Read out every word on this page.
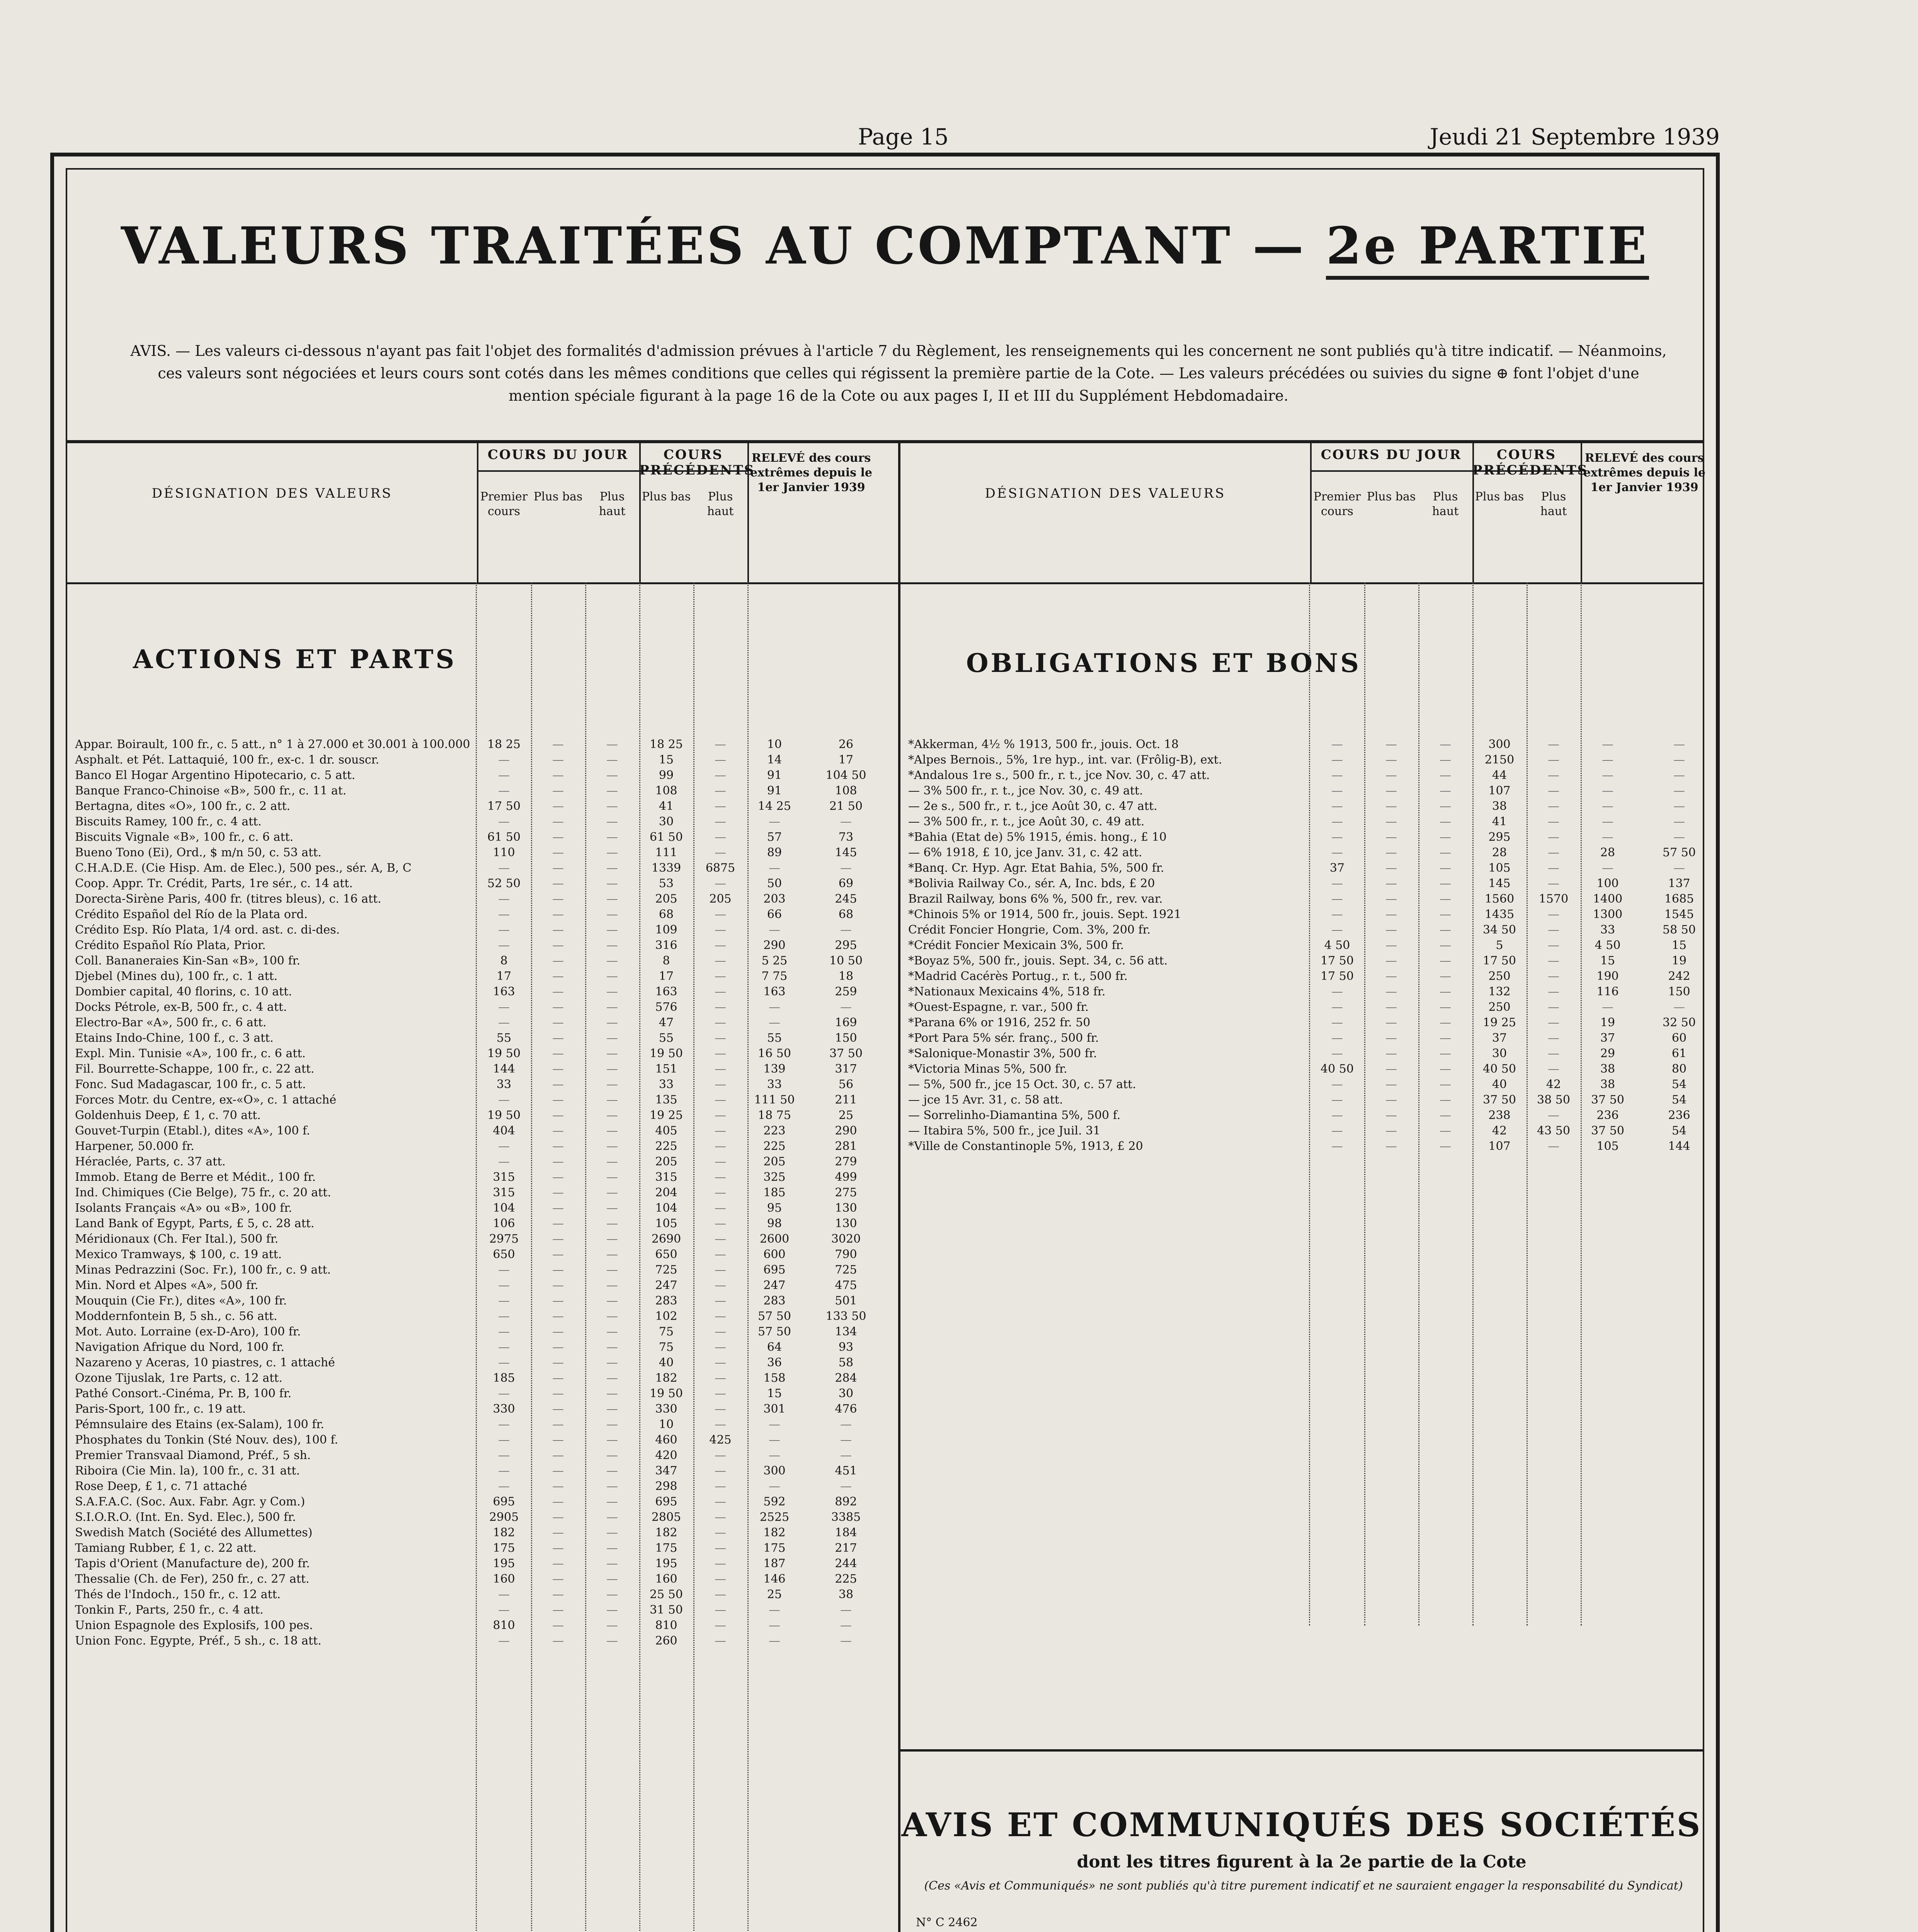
Page 15	Jeudi 21 Septembre 1939
VALEURS TRAITÉES AU COMPTANT — 2e PARTIE
AVIS. — Les valeurs ci-dessous n'ayant pas fait l'objet des formalités d'admission prévues à l'article 7 du Règlement, les renseignements qui les concernent ne sont publiés qu'à titre indicatif. — Néanmoins, ces valeurs sont négociées et leurs cours sont cotés dans les mêmes conditions que celles qui régissent la première partie de la Cote. — Les valeurs précédées ou suivies du signe ⊕ font l'objet d'une mention spéciale figurant à la page 16 de la Cote ou aux pages I, II et III du Supplément Hebdomadaire.
DÉSIGNATION DES VALEURS
COURS DU JOUR
Premier cours
Plus bas	Plus haut
COURS PRÉCÉDENTS
Plus bas	Plus haut
RELEVÉ des cours extrêmes depuis le 1er Janvier 1939
ACTIONS ET PARTS
Appar. Boirault, 100 fr., c. 5 att., n° 1 à 27.000 et 30.001 à 100.000	18 25	—	—	18 25	—	10	26
Asphalt. et Pét. Lattaquié, 100 fr., ex-c. 1 dr. souscr.	—	—	—	15	—	14	17
Banco El Hogar Argentino Hipotecario, c. 5 att.	—	—	—	99	—	91	104 50
Banque Franco-Chinoise «B», 500 fr., c. 11 at.	—	—	—	108	—	91	108
Bertagna, dites «O», 100 fr., c. 2 att.	17 50	—	—	41	—	14 25	21 50
Biscuits Ramey, 100 fr., c. 4 att.	—	—	—	30	—	—	—
Biscuits Vignale «B», 100 fr., c. 6 att.	61 50	—	—	61 50	—	57	73
Bueno Tono (Ei), Ord., $ m/n 50, c. 53 att.	110	—	—	111	—	89	145
C.H.A.D.E. (Cie Hisp. Am. de Elec.), 500 pes., sér. A, B, C	—	—	—	1339	6875	—	—
Coop. Appr. Tr. Crédit, Parts, 1re sér., c. 14 att.	52 50	—	—	53	—	50	69
Dorecta-Sirène Paris, 400 fr. (titres bleus), c. 16 att.	—	—	—	205	205	203	245
Crédito Español del Río de la Plata ord.	—	—	—	68	—	66	68
Crédito Esp. Río Plata, 1/4 ord. ast. c. di-des.	—	—	—	109	—	—	—
Crédito Español Río Plata, Prior.	—	—	—	316	—	290	295
Coll. Bananeraies Kin-San «B», 100 fr.	8	—	—	8	—	5 25	10 50
Djebel (Mines du), 100 fr., c. 1 att.	17	—	—	17	—	7 75	18
Dombier capital, 40 florins, c. 10 att.	163	—	—	163	—	163	259
Docks Pétrole, ex-B, 500 fr., c. 4 att.	—	—	—	576	—	—	—
Electro-Bar «A», 500 fr., c. 6 att.	—	—	—	47	—	—	169
Etains Indo-Chine, 100 f., c. 3 att.	55	—	—	55	—	55	150
Expl. Min. Tunisie «A», 100 fr., c. 6 att.	19 50	—	—	19 50	—	16 50	37 50
Fil. Bourrette-Schappe, 100 fr., c. 22 att.	144	—	—	151	—	139	317
Fonc. Sud Madagascar, 100 fr., c. 5 att.	33	—	—	33	—	33	56
Forces Motr. du Centre, ex-«O», c. 1 attaché	—	—	—	135	—	111 50	211
Goldenhuis Deep, £ 1, c. 70 att.	19 50	—	—	19 25	—	18 75	25
Gouvet-Turpin (Etabl.), dites «A», 100 f.	404	—	—	405	—	223	290
Harpener, 50.000 fr.	—	—	—	225	—	225	281
Héraclée, Parts, c. 37 att.	—	—	—	205	—	205	279
Immob. Etang de Berre et Médit., 100 fr.	315	—	—	315	—	325	499
Ind. Chimiques (Cie Belge), 75 fr., c. 20 att.	315	—	—	204	—	185	275
Isolants Français «A» ou «B», 100 fr.	104	—	—	104	—	95	130
Land Bank of Egypt, Parts, £ 5, c. 28 att.	106	—	—	105	—	98	130
Méridionaux (Ch. Fer Ital.), 500 fr.	2975	—	—	2690	—	2600	3020
Mexico Tramways, $ 100, c. 19 att.	650	—	—	650	—	600	790
Minas Pedrazzini (Soc. Fr.), 100 fr., c. 9 att.	—	—	—	725	—	695	725
Min. Nord et Alpes «A», 500 fr.	—	—	—	247	—	247	475
Mouquin (Cie Fr.), dites «A», 100 fr.	—	—	—	283	—	283	501
Moddernfontein B, 5 sh., c. 56 att.	—	—	—	102	—	57 50	133 50
Mot. Auto. Lorraine (ex-D-Aro), 100 fr.	—	—	—	75	—	57 50	134
Navigation Afrique du Nord, 100 fr.	—	—	—	75	—	64	93
Nazareno y Aceras, 10 piastres, c. 1 attaché	—	—	—	40	—	36	58
Ozone Tijuslak, 1re Parts, c. 12 att.	185	—	—	182	—	158	284
Pathé Consort.-Cinéma, Pr. B, 100 fr.	—	—	—	19 50	—	15	30
Paris-Sport, 100 fr., c. 19 att.	330	—	—	330	—	301	476
Pémnsulaire des Etains (ex-Salam), 100 fr.	—	—	—	10	—	—	—
Phosphates du Tonkin (Sté Nouv. des), 100 f.	—	—	—	460	425	—	—
Premier Transvaal Diamond, Préf., 5 sh.	—	—	—	420	—	—	—
Riboira (Cie Min. la), 100 fr., c. 31 att.	—	—	—	347	—	300	451
Rose Deep, £ 1, c. 71 attaché	—	—	—	298	—	—	—
S.A.F.A.C. (Soc. Aux. Fabr. Agr. y Com.)	695	—	—	695	—	592	892
S.I.O.R.O. (Int. En. Syd. Elec.), 500 fr.	2905	—	—	2805	—	2525	3385
Swedish Match (Société des Allumettes)	182	—	—	182	—	182	184
Tamiang Rubber, £ 1, c. 22 att.	175	—	—	175	—	175	217
Tapis d'Orient (Manufacture de), 200 fr.	195	—	—	195	—	187	244
Thessalie (Ch. de Fer), 250 fr., c. 27 att.	160	—	—	160	—	146	225
Thés de l'Indoch., 150 fr., c. 12 att.	—	—	—	25 50	—	25	38
Tonkin F., Parts, 250 fr., c. 4 att.	—	—	—	31 50	—	—	—
Union Espagnole des Explosifs, 100 pes.	810	—	—	810	—	—	—
Union Fonc. Egypte, Préf., 5 sh., c. 18 att.	—	—	—	260	—	—	—
DÉSIGNATION DES VALEURS
COURS DU JOUR
Premier cours
Plus bas	Plus haut
COURS PRÉCÉDENTS
Plus bas	Plus haut
RELEVÉ des cours extrêmes depuis le 1er Janvier 1939
OBLIGATIONS ET BONS
*Akkerman, 4½ % 1913, 500 fr., jouis. Oct. 18	—	—	—	300	—	—	—
*Alpes Bernois., 5%, 1re hyp., int. var. (Frôlig-B), ext.	—	—	—	2150	—	—	—
*Andalous 1re s., 500 fr., r. t., jce Nov. 30, c. 47 att.	—	—	—	44	—	—	—
— 3% 500 fr., r. t., jce Nov. 30, c. 49 att.	—	—	—	107	—	—	—
— 2e s., 500 fr., r. t., jce Août 30, c. 47 att.	—	—	—	38	—	—	—
— 3% 500 fr., r. t., jce Août 30, c. 49 att.	—	—	—	41	—	—	—
*Bahia (Etat de) 5% 1915, émis. hong., £ 10	—	—	—	295	—	—	—
— 6% 1918, £ 10, jce Janv. 31, c. 42 att.	—	—	—	28	—	28	57 50
*Banq. Cr. Hyp. Agr. Etat Bahia, 5%, 500 fr.	37	—	—	105	—	—	—
*Bolivia Railway Co., sér. A, Inc. bds, £ 20	—	—	—	145	—	100	137
Brazil Railway, bons 6% %, 500 fr., rev. var.	—	—	—	1560	1570	1400	1685
*Chinois 5% or 1914, 500 fr., jouis. Sept. 1921	—	—	—	1435	—	1300	1545
Crédit Foncier Hongrie, Com. 3%, 200 fr.	—	—	—	34 50	—	33	58 50
*Crédit Foncier Mexicain 3%, 500 fr.	4 50	—	—	5	—	4 50	15
*Boyaz 5%, 500 fr., jouis. Sept. 34, c. 56 att.	17 50	—	—	17 50	—	15	19
*Madrid Cacérès Portug., r. t., 500 fr.	17 50	—	—	250	—	190	242
*Nationaux Mexicains 4%, 518 fr.	—	—	—	132	—	116	150
*Ouest-Espagne, r. var., 500 fr.	—	—	—	250	—	—	—
*Parana 6% or 1916, 252 fr. 50	—	—	—	19 25	—	19	32 50
*Port Para 5% sér. franç., 500 fr.	—	—	—	37	—	37	60
*Salonique-Monastir 3%, 500 fr.	—	—	—	30	—	29	61
*Victoria Minas 5%, 500 fr.	40 50	—	—	40 50	—	38	80
— 5%, 500 fr., jce 15 Oct. 30, c. 57 att.	—	—	—	40	42	38	54
— jce 15 Avr. 31, c. 58 att.	—	—	—	37 50	38 50	37 50	54
— Sorrelinho-Diamantina 5%, 500 f.	—	—	—	238	—	236	236
— Itabira 5%, 500 fr., jce Juil. 31	—	—	—	42	43 50	37 50	54
*Ville de Constantinople 5%, 1913, £ 20	—	—	—	107	—	105	144
AVIS ET COMMUNIQUÉS DES SOCIÉTÉS
dont les titres figurent à la 2e partie de la Cote
(Ces «Avis et Communiqués» ne sont publiés qu'à titre purement indicatif et ne sauraient engager la responsabilité du Syndicat)

N° C 2462
